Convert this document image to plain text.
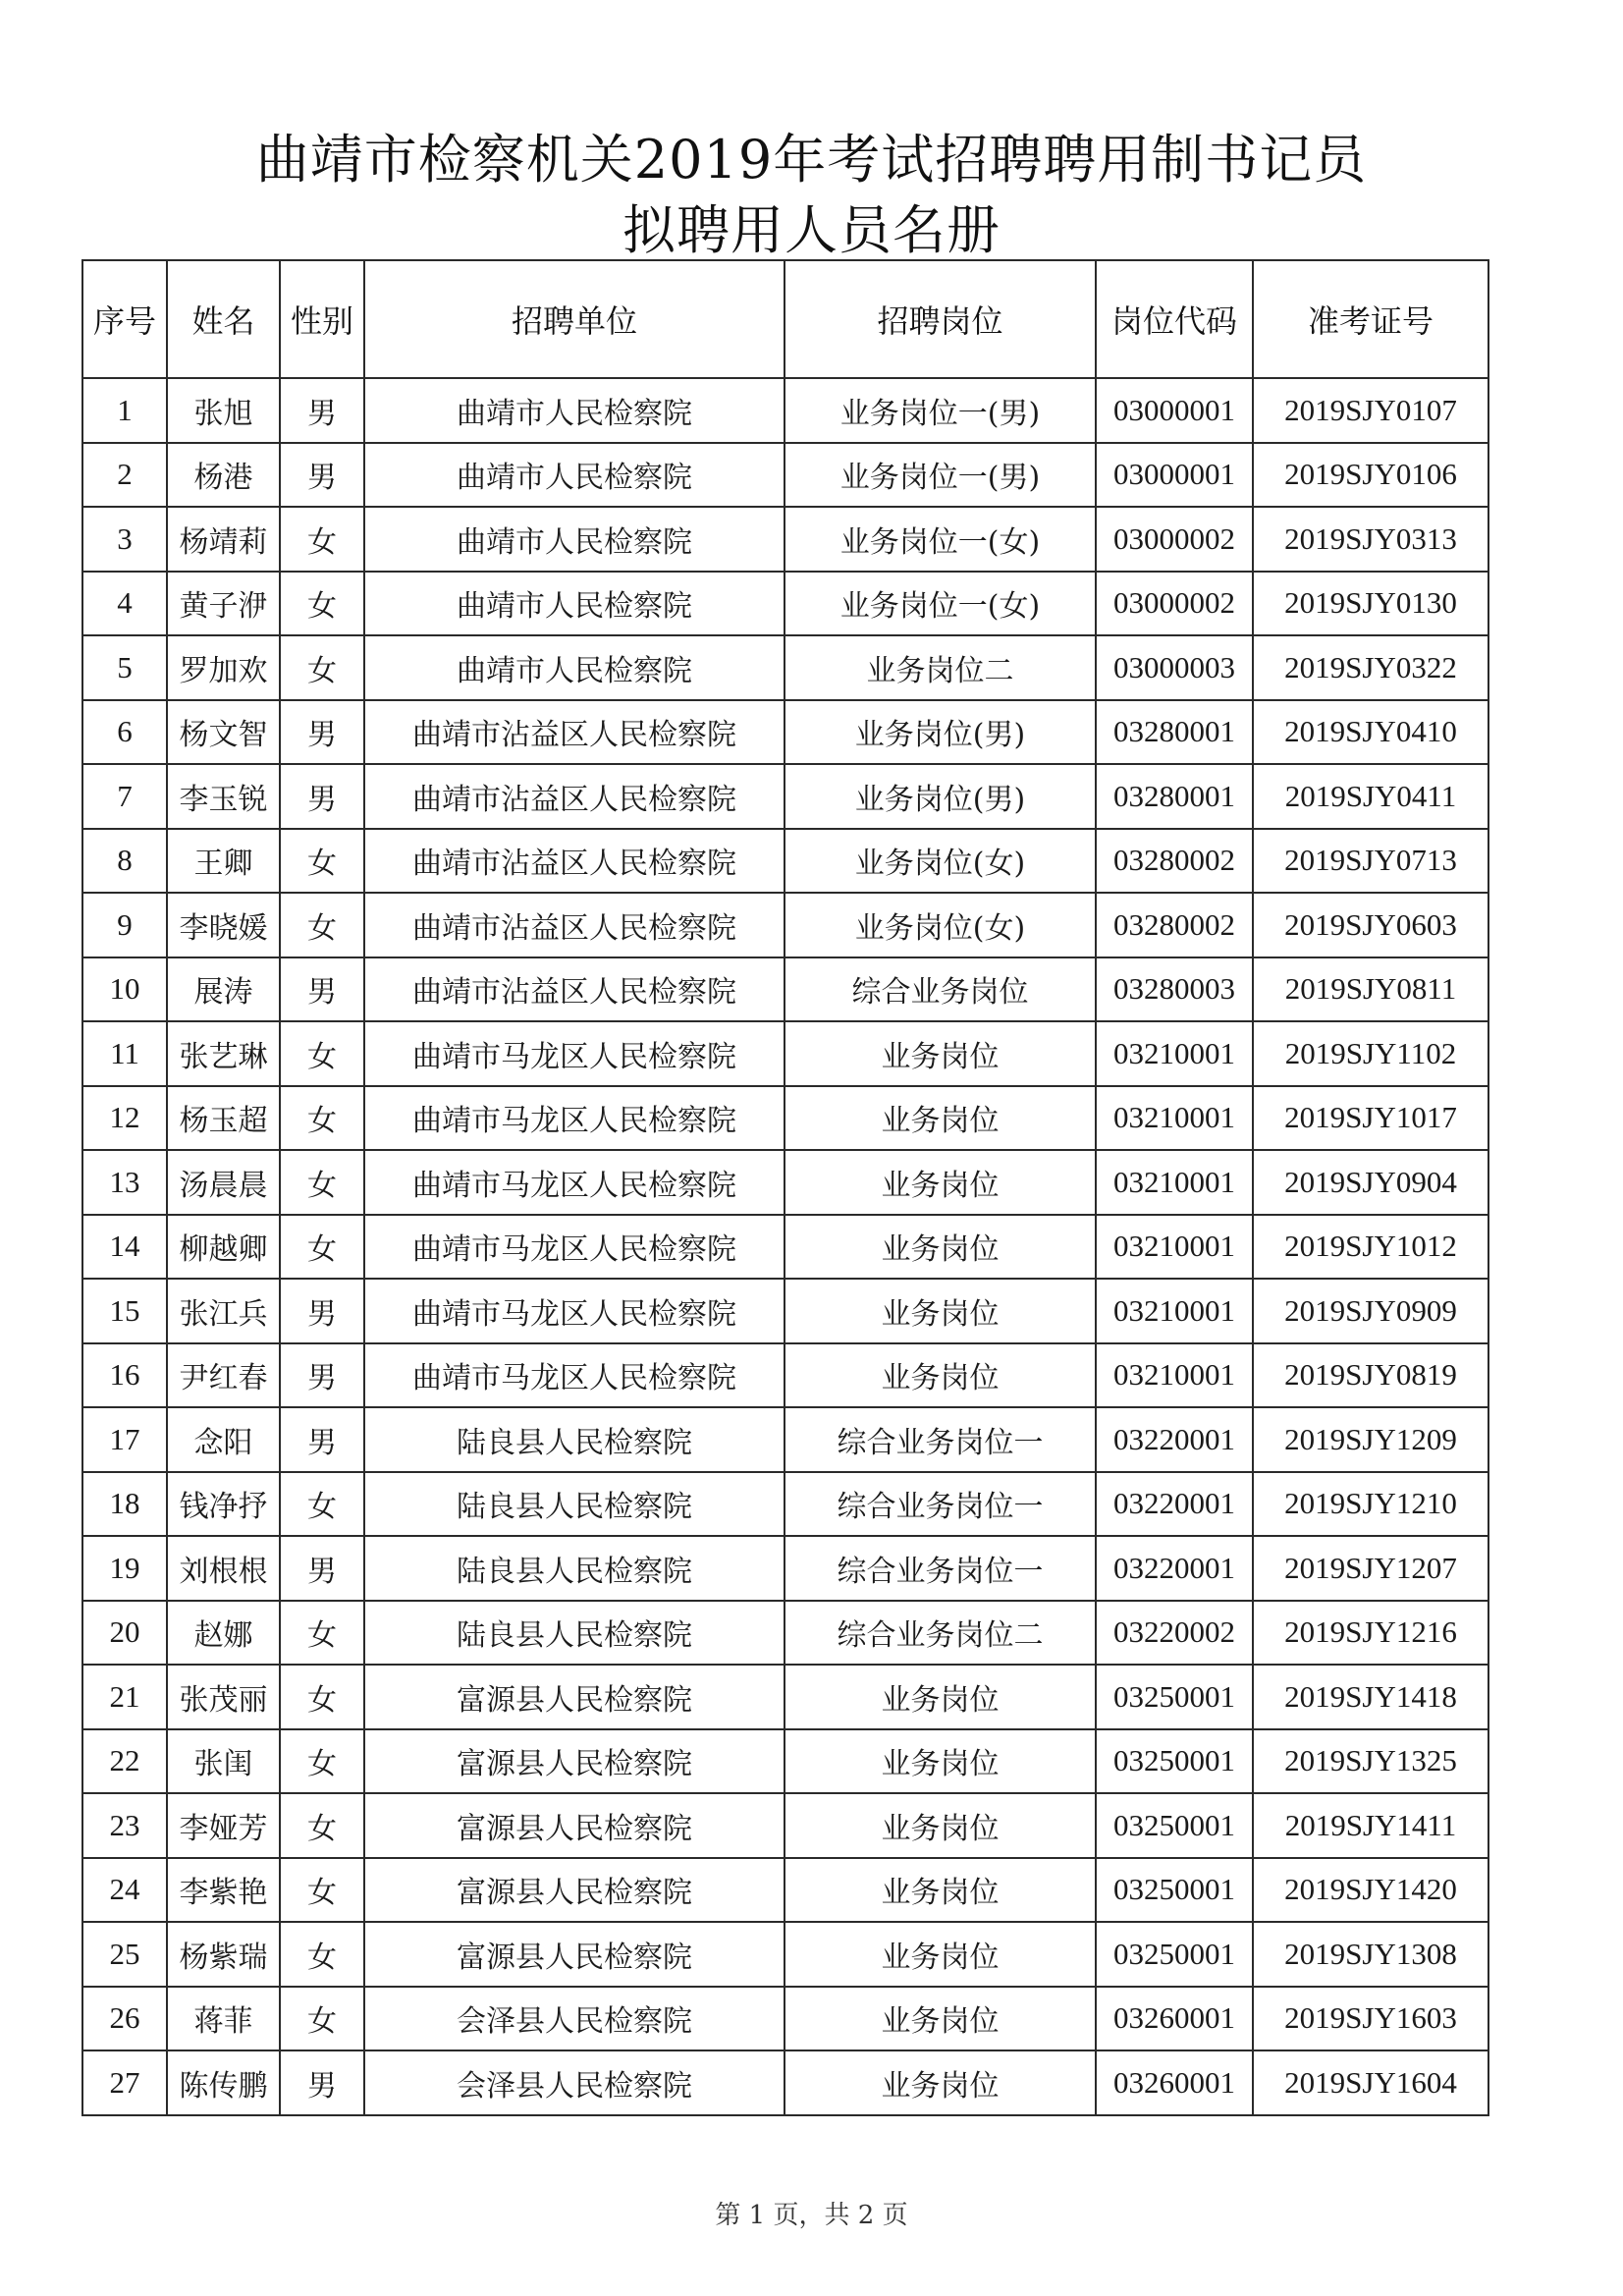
曲靖市检察机关2019年考试招聘聘用制书记员
拟聘用人员名册
序号	姓名	性别	招聘单位	招聘岗位	岗位代码	准考证号
1	张旭	男	曲靖市人民检察院	业务岗位一(男)	03000001	2019SJY0107
2	杨港	男	曲靖市人民检察院	业务岗位一(男)	03000001	2019SJY0106
3	杨靖莉	女	曲靖市人民检察院	业务岗位一(女)	03000002	2019SJY0313
4	黄子洢	女	曲靖市人民检察院	业务岗位一(女)	03000002	2019SJY0130
5	罗加欢	女	曲靖市人民检察院	业务岗位二	03000003	2019SJY0322
6	杨文智	男	曲靖市沾益区人民检察院	业务岗位(男)	03280001	2019SJY0410
7	李玉锐	男	曲靖市沾益区人民检察院	业务岗位(男)	03280001	2019SJY0411
8	王卿	女	曲靖市沾益区人民检察院	业务岗位(女)	03280002	2019SJY0713
9	李晓媛	女	曲靖市沾益区人民检察院	业务岗位(女)	03280002	2019SJY0603
10	展涛	男	曲靖市沾益区人民检察院	综合业务岗位	03280003	2019SJY0811
11	张艺琳	女	曲靖市马龙区人民检察院	业务岗位	03210001	2019SJY1102
12	杨玉超	女	曲靖市马龙区人民检察院	业务岗位	03210001	2019SJY1017
13	汤晨晨	女	曲靖市马龙区人民检察院	业务岗位	03210001	2019SJY0904
14	柳越卿	女	曲靖市马龙区人民检察院	业务岗位	03210001	2019SJY1012
15	张江兵	男	曲靖市马龙区人民检察院	业务岗位	03210001	2019SJY0909
16	尹红春	男	曲靖市马龙区人民检察院	业务岗位	03210001	2019SJY0819
17	念阳	男	陆良县人民检察院	综合业务岗位一	03220001	2019SJY1209
18	钱净抒	女	陆良县人民检察院	综合业务岗位一	03220001	2019SJY1210
19	刘根根	男	陆良县人民检察院	综合业务岗位一	03220001	2019SJY1207
20	赵娜	女	陆良县人民检察院	综合业务岗位二	03220002	2019SJY1216
21	张茂丽	女	富源县人民检察院	业务岗位	03250001	2019SJY1418
22	张闺	女	富源县人民检察院	业务岗位	03250001	2019SJY1325
23	李娅芳	女	富源县人民检察院	业务岗位	03250001	2019SJY1411
24	李紫艳	女	富源县人民检察院	业务岗位	03250001	2019SJY1420
25	杨紫瑞	女	富源县人民检察院	业务岗位	03250001	2019SJY1308
26	蒋菲	女	会泽县人民检察院	业务岗位	03260001	2019SJY1603
27	陈传鹏	男	会泽县人民检察院	业务岗位	03260001	2019SJY1604
第 1 页，共 2 页
